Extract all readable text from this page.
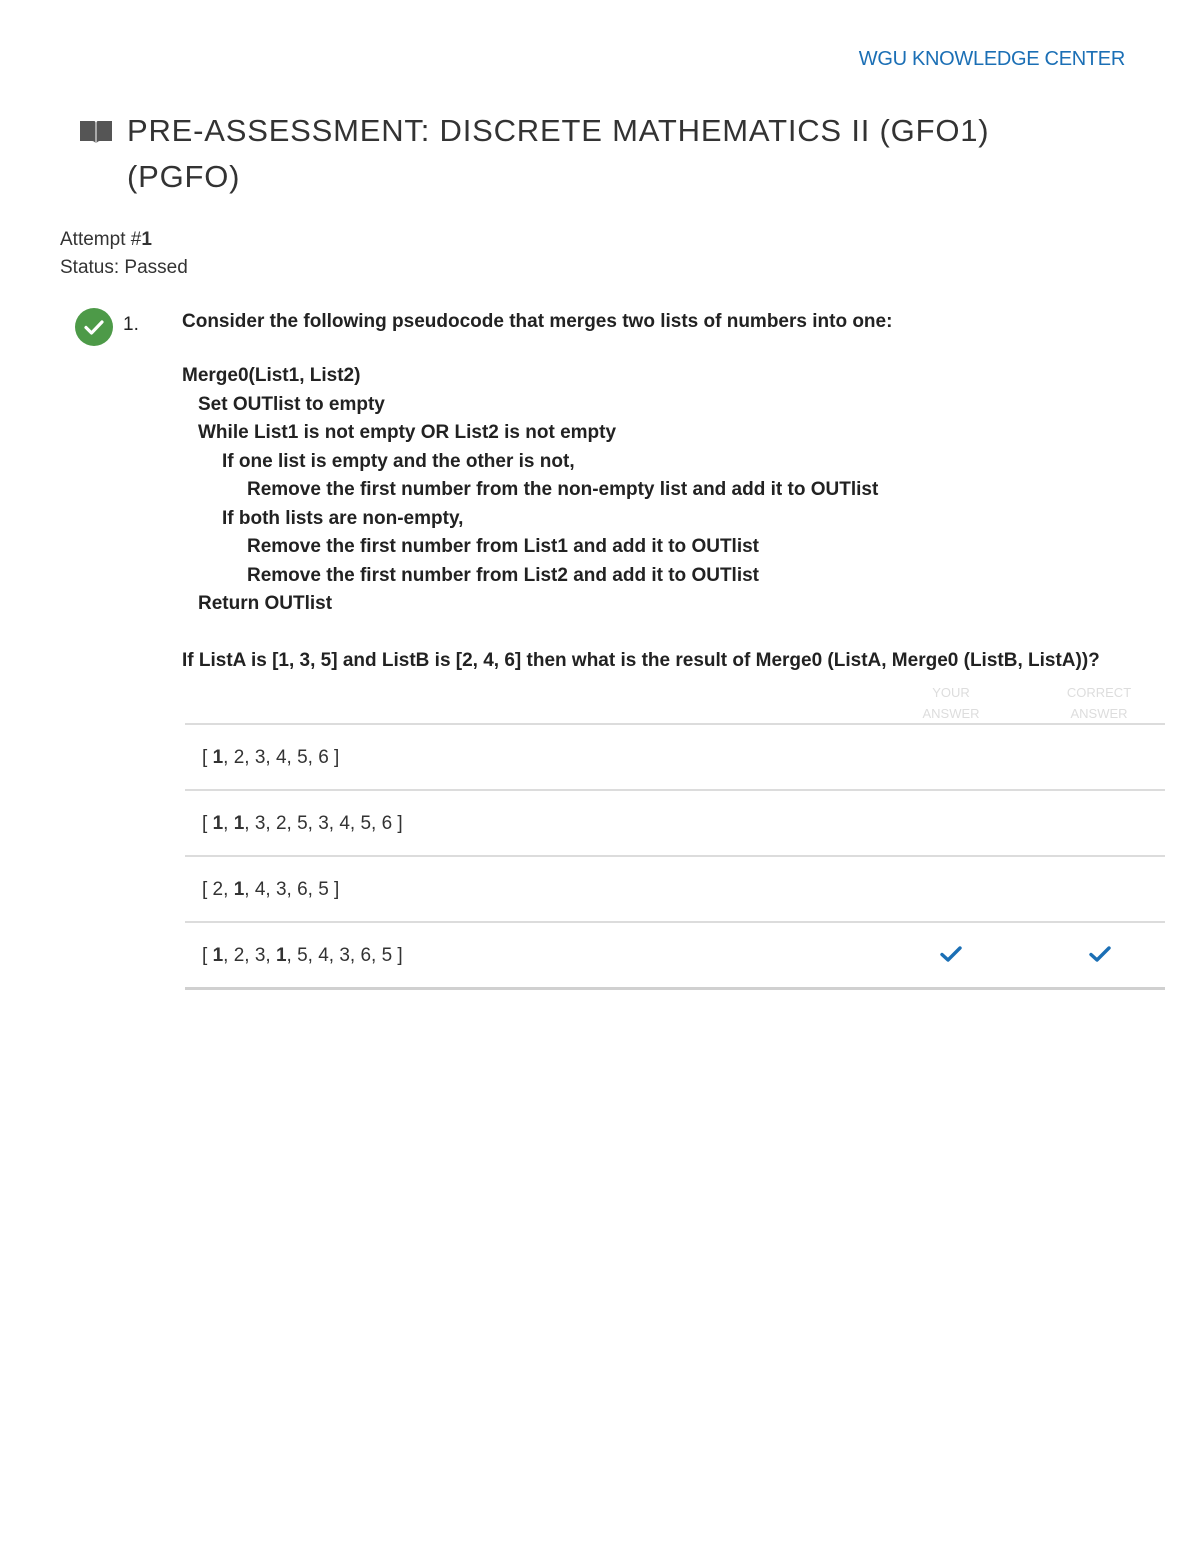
WGU KNOWLEDGE CENTER
PRE-ASSESSMENT: DISCRETE MATHEMATICS II (GFO1)
(PGFO)
Attempt #1
Status: Passed
1. Consider the following pseudocode that merges two lists of numbers into one:
Merge0(List1, List2)
Set OUTlist to empty
While List1 is not empty OR List2 is not empty
If one list is empty and the other is not,
Remove the first number from the non-empty list and add it to OUTlist
If both lists are non-empty,
Remove the first number from List1 and add it to OUTlist
Remove the first number from List2 and add it to OUTlist
Return OUTlist
If ListA is [1, 3, 5] and ListB is [2, 4, 6] then what is the result of Merge0 (ListA, Merge0 (ListB, ListA))?
YOUR
ANSWER
CORRECT
ANSWER
[ 1, 2, 3, 4, 5, 6 ]
[ 1, 1, 3, 2, 5, 3, 4, 5, 6 ]
[ 2, 1, 4, 3, 6, 5 ]
[ 1, 2, 3, 1, 5, 4, 3, 6, 5 ]
